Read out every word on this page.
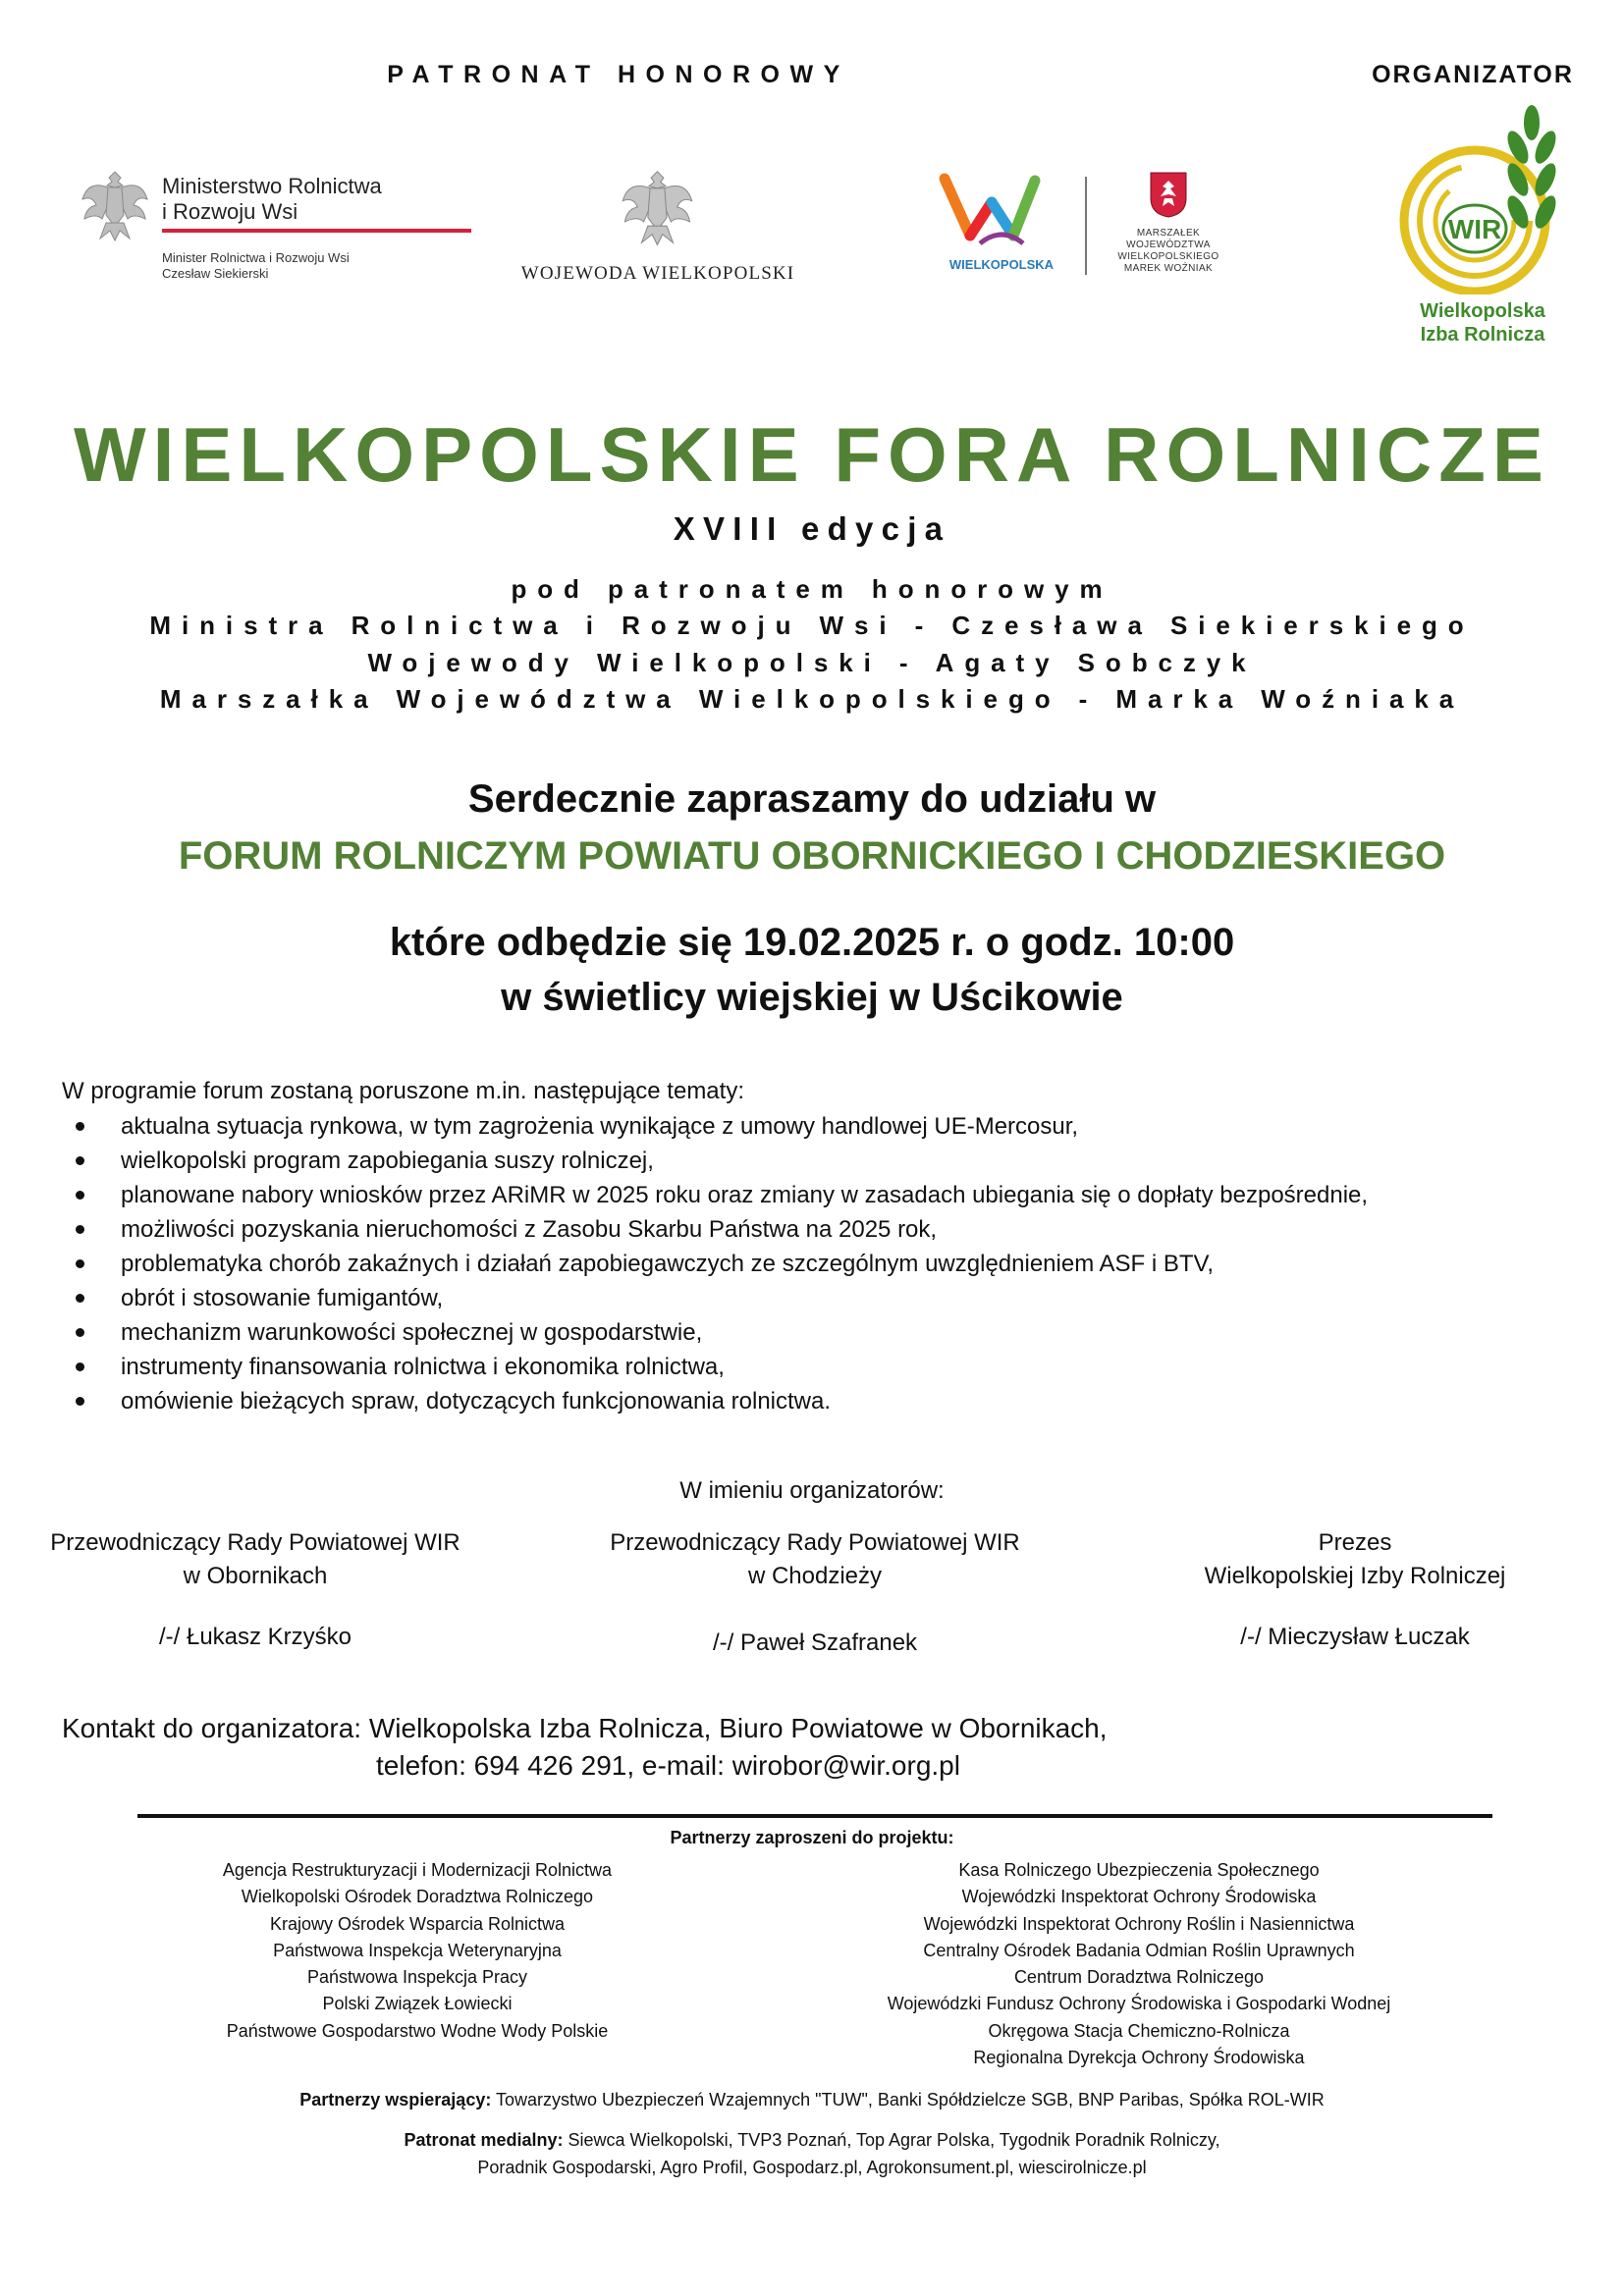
PATRONAT HONOROWY	ORGANIZATOR
Ministerstwo Rolnictwa
i Rozwoju Wsi
Minister Rolnictwa i Rozwoju Wsi
Czesław Siekierski	WOJEWODA WIELKOPOLSKI	WIELKOPOLSKA
MARSZAŁEK
WOJEWÓDZTWA
WIELKOPOLSKIEGO
MAREK WOŹNIAK
WIR
Wielkopolska
Izba Rolnicza
WIELKOPOLSKIE FORA ROLNICZE
XVIII edycja
pod patronatem honorowym
Ministra Rolnictwa i Rozwoju Wsi - Czesława Siekierskiego
Wojewody Wielkopolski - Agaty Sobczyk
Marszałka Województwa Wielkopolskiego - Marka Woźniaka
Serdecznie zapraszamy do udziału w
FORUM ROLNICZYM POWIATU OBORNICKIEGO I CHODZIESKIEGO
które odbędzie się 19.02.2025 r. o godz. 10:00
w świetlicy wiejskiej w Uścikowie
W programie forum zostaną poruszone m.in. następujące tematy:
aktualna sytuacja rynkowa, w tym zagrożenia wynikające z umowy handlowej UE-Mercosur,
wielkopolski program zapobiegania suszy rolniczej,
planowane nabory wniosków przez ARiMR w 2025 roku oraz zmiany w zasadach ubiegania się o dopłaty bezpośrednie,
możliwości pozyskania nieruchomości z Zasobu Skarbu Państwa na 2025 rok,
problematyka chorób zakaźnych i działań zapobiegawczych ze szczególnym uwzględnieniem ASF i BTV,
obrót i stosowanie fumigantów,
mechanizm warunkowości społecznej w gospodarstwie,
instrumenty finansowania rolnictwa i ekonomika rolnictwa,
omówienie bieżących spraw, dotyczących funkcjonowania rolnictwa.
W imieniu organizatorów:
Przewodniczący Rady Powiatowej WIR
w Obornikach
/-/ Łukasz Krzyśko
Przewodniczący Rady Powiatowej WIR
w Chodzieży
/-/ Paweł Szafranek
Prezes
Wielkopolskiej Izby Rolniczej
/-/ Mieczysław Łuczak
Kontakt do organizatora: Wielkopolska Izba Rolnicza, Biuro Powiatowe w Obornikach,
telefon: 694 426 291, e-mail: wirobor@wir.org.pl
Partnerzy zaproszeni do projektu:
Agencja Restrukturyzacji i Modernizacji Rolnictwa
Wielkopolski Ośrodek Doradztwa Rolniczego
Krajowy Ośrodek Wsparcia Rolnictwa
Państwowa Inspekcja Weterynaryjna
Państwowa Inspekcja Pracy
Polski Związek Łowiecki
Państwowe Gospodarstwo Wodne Wody Polskie
Kasa Rolniczego Ubezpieczenia Społecznego
Wojewódzki Inspektorat Ochrony Środowiska
Wojewódzki Inspektorat Ochrony Roślin i Nasiennictwa
Centralny Ośrodek Badania Odmian Roślin Uprawnych
Centrum Doradztwa Rolniczego
Wojewódzki Fundusz Ochrony Środowiska i Gospodarki Wodnej
Okręgowa Stacja Chemiczno-Rolnicza
Regionalna Dyrekcja Ochrony Środowiska
Partnerzy wspierający: Towarzystwo Ubezpieczeń Wzajemnych "TUW", Banki Spółdzielcze SGB, BNP Paribas, Spółka ROL-WIR
Patronat medialny: Siewca Wielkopolski, TVP3 Poznań, Top Agrar Polska, Tygodnik Poradnik Rolniczy,
Poradnik Gospodarski, Agro Profil, Gospodarz.pl, Agrokonsument.pl, wiescirolnicze.pl
